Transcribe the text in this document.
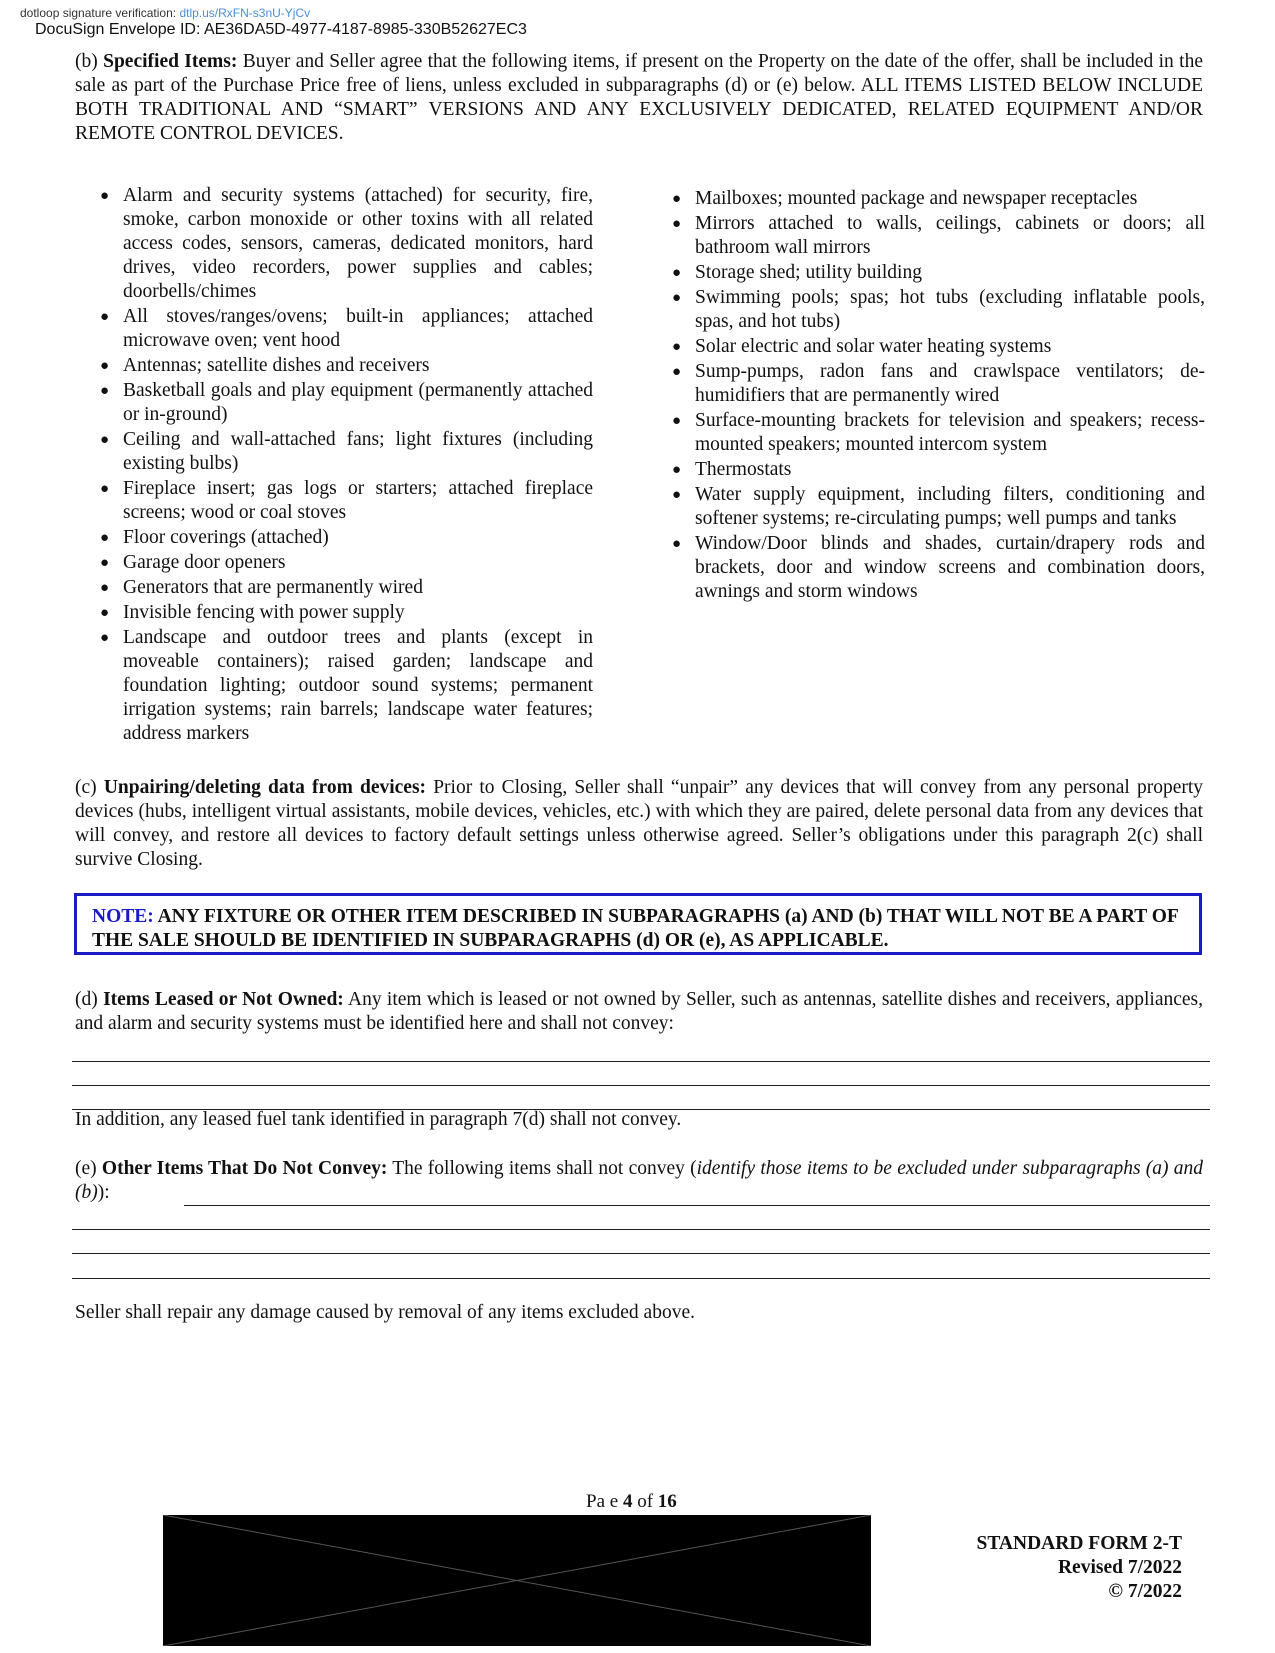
dotloop signature verification: dtlp.us/RxFN-s3nU-YjCv
DocuSign Envelope ID: AE36DA5D-4977-4187-8985-330B52627EC3

(b) Specified Items: Buyer and Seller agree that the following items, if present on the Property on the date of the offer, shall be included in the sale as part of the Purchase Price free of liens, unless excluded in subparagraphs (d) or (e) below. ALL ITEMS LISTED BELOW INCLUDE BOTH TRADITIONAL AND “SMART” VERSIONS AND ANY EXCLUSIVELY DEDICATED, RELATED EQUIPMENT AND/OR REMOTE CONTROL DEVICES.

● Alarm and security systems (attached) for security, fire, smoke, carbon monoxide or other toxins with all related access codes, sensors, cameras, dedicated monitors, hard drives, video recorders, power supplies and cables; doorbells/chimes
● All stoves/ranges/ovens; built-in appliances; attached microwave oven; vent hood
● Antennas; satellite dishes and receivers
● Basketball goals and play equipment (permanently attached or in-ground)
● Ceiling and wall-attached fans; light fixtures (including existing bulbs)
● Fireplace insert; gas logs or starters; attached fireplace screens; wood or coal stoves
● Floor coverings (attached)
● Garage door openers
● Generators that are permanently wired
● Invisible fencing with power supply
● Landscape and outdoor trees and plants (except in moveable containers); raised garden; landscape and foundation lighting; outdoor sound systems; permanent irrigation systems; rain barrels; landscape water features; address markers
● Mailboxes; mounted package and newspaper receptacles
● Mirrors attached to walls, ceilings, cabinets or doors; all bathroom wall mirrors
● Storage shed; utility building
● Swimming pools; spas; hot tubs (excluding inflatable pools, spas, and hot tubs)
● Solar electric and solar water heating systems
● Sump-pumps, radon fans and crawlspace ventilators; de-humidifiers that are permanently wired
● Surface-mounting brackets for television and speakers; recess-mounted speakers; mounted intercom system
● Thermostats
● Water supply equipment, including filters, conditioning and softener systems; re-circulating pumps; well pumps and tanks
● Window/Door blinds and shades, curtain/drapery rods and brackets, door and window screens and combination doors, awnings and storm windows

(c) Unpairing/deleting data from devices: Prior to Closing, Seller shall “unpair” any devices that will convey from any personal property devices (hubs, intelligent virtual assistants, mobile devices, vehicles, etc.) with which they are paired, delete personal data from any devices that will convey, and restore all devices to factory default settings unless otherwise agreed. Seller’s obligations under this paragraph 2(c) shall survive Closing.

NOTE: ANY FIXTURE OR OTHER ITEM DESCRIBED IN SUBPARAGRAPHS (a) AND (b) THAT WILL NOT BE A PART OF THE SALE SHOULD BE IDENTIFIED IN SUBPARAGRAPHS (d) OR (e), AS APPLICABLE.

(d) Items Leased or Not Owned: Any item which is leased or not owned by Seller, such as antennas, satellite dishes and receivers, appliances, and alarm and security systems must be identified here and shall not convey:

In addition, any leased fuel tank identified in paragraph 7(d) shall not convey.

(e) Other Items That Do Not Convey: The following items shall not convey (identify those items to be excluded under subparagraphs (a) and (b)):

Seller shall repair any damage caused by removal of any items excluded above.

Pa e 4 of 16
STANDARD FORM 2-T
Revised 7/2022
© 7/2022
